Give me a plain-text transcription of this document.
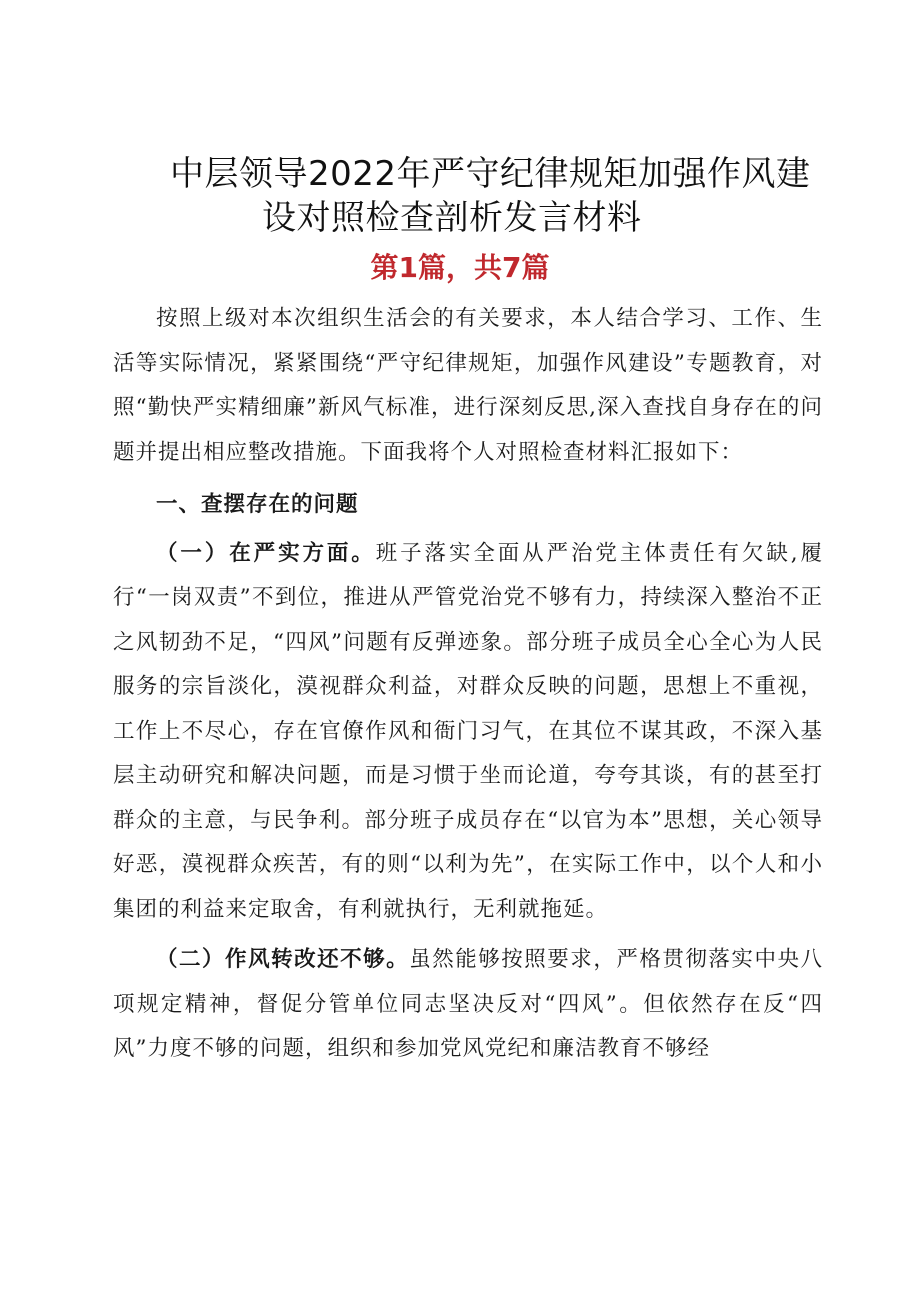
中层领导2022年严守纪律规矩加强作风建
设对照检查剖析发言材料
第1篇，共7篇

按照上级对本次组织生活会的有关要求，本人结合学习、工作、生活等实际情况，紧紧围绕“严守纪律规矩，加强作风建设”专题教育，对照“勤快严实精细廉”新风气标准，进行深刻反思,深入查找自身存在的问题并提出相应整改措施。下面我将个人对照检查材料汇报如下：

一、查摆存在的问题

（一）在严实方面。班子落实全面从严治党主体责任有欠缺,履行“一岗双责”不到位，推进从严管党治党不够有力，持续深入整治不正之风韧劲不足，“四风”问题有反弹迹象。部分班子成员全心全心为人民服务的宗旨淡化，漠视群众利益，对群众反映的问题，思想上不重视，工作上不尽心，存在官僚作风和衙门习气，在其位不谋其政，不深入基层主动研究和解决问题，而是习惯于坐而论道，夸夸其谈，有的甚至打群众的主意，与民争利。部分班子成员存在“以官为本”思想，关心领导好恶，漠视群众疾苦，有的则“以利为先”，在实际工作中，以个人和小集团的利益来定取舍，有利就执行，无利就拖延。

（二）作风转改还不够。虽然能够按照要求，严格贯彻落实中央八项规定精神，督促分管单位同志坚决反对“四风”。但依然存在反“四风”力度不够的问题，组织和参加党风党纪和廉洁教育不够经
